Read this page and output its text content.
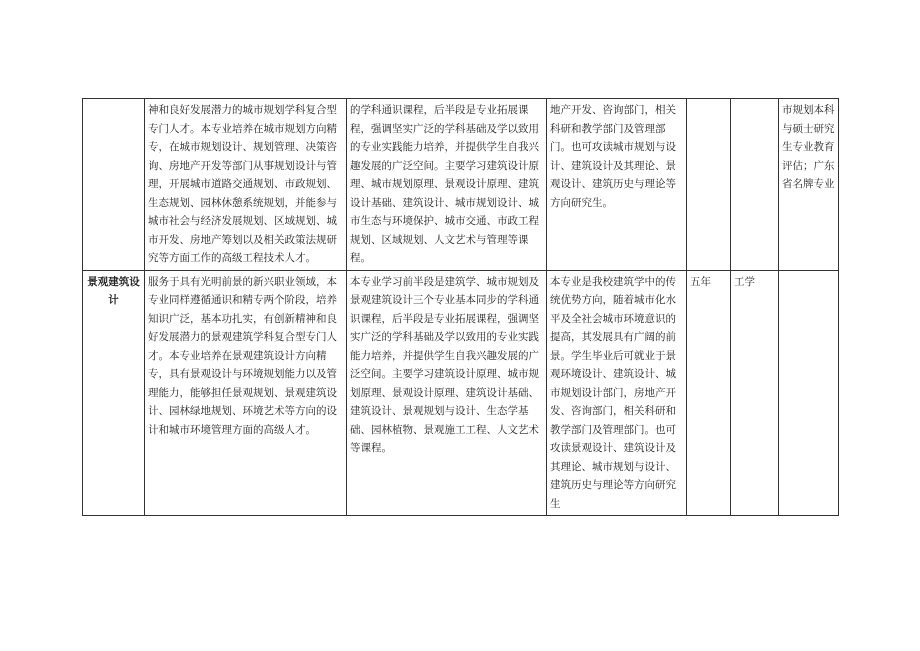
	神和良好发展潜力的城市规划学科复合型专门人才。本专业培养在城市规划方向精专，在城市规划设计、规划管理、决策咨询、房地产开发等部门从事规划设计与管理，开展城市道路交通规划、市政规划、生态规划、园林休憩系统规划，并能参与城市社会与经济发展规划、区域规划、城市开发、房地产筹划以及相关政策法规研究等方面工作的高级工程技术人才。	的学科通识课程，后半段是专业拓展课程，强调坚实广泛的学科基础及学以致用的专业实践能力培养，并提供学生自我兴趣发展的广泛空间。主要学习建筑设计原理、城市规划原理、景观设计原理、建筑设计基础、建筑设计、城市规划设计、城市生态与环境保护、城市交通、市政工程规划、区域规划、人文艺术与管理等课程。	地产开发、咨询部门，相关科研和教学部门及管理部门。也可攻读城市规划与设计、建筑设计及其理论、景观设计、建筑历史与理论等方向研究生。			市规划本科与硕士研究生专业教育评估；广东省名牌专业
景观建筑设计	服务于具有光明前景的新兴职业领域，本专业同样遵循通识和精专两个阶段，培养知识广泛，基本功扎实，有创新精神和良好发展潜力的景观建筑学科复合型专门人才。本专业培养在景观建筑设计方向精专，具有景观设计与环境规划能力以及管理能力，能够担任景观规划、景观建筑设计、园林绿地规划、环境艺术等方向的设计和城市环境管理方面的高级人才。	本专业学习前半段是建筑学、城市规划及景观建筑设计三个专业基本同步的学科通识课程，后半段是专业拓展课程，强调坚实广泛的学科基础及学以致用的专业实践能力培养，并提供学生自我兴趣发展的广泛空间。主要学习建筑设计原理、城市规划原理、景观设计原理、建筑设计基础、建筑设计、景观规划与设计、生态学基础、园林植物、景观施工工程、人文艺术等课程。	本专业是我校建筑学中的传统优势方向，随着城市化水平及全社会城市环境意识的提高，其发展具有广阔的前景。学生毕业后可就业于景观环境设计、建筑设计、城市规划设计部门，房地产开发、咨询部门，相关科研和教学部门及管理部门。也可攻读景观设计、建筑设计及其理论、城市规划与设计、建筑历史与理论等方向研究生	五年	工学	
